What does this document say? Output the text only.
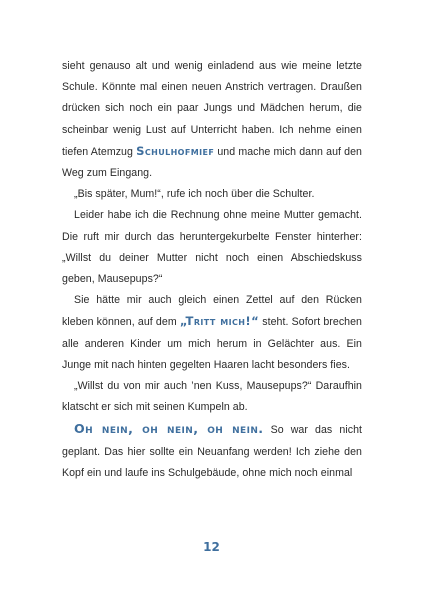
sieht genauso alt und wenig einladend aus wie meine letzte Schule. Könnte mal einen neuen Anstrich vertragen. Draußen drücken sich noch ein paar Jungs und Mädchen herum, die scheinbar wenig Lust auf Unterricht haben. Ich nehme einen tiefen Atemzug Schulhofmief und mache mich dann auf den Weg zum Eingang.

„Bis später, Mum!“, rufe ich noch über die Schulter.

Leider habe ich die Rechnung ohne meine Mutter gemacht. Die ruft mir durch das heruntergekurbelte Fenster hinterher: „Willst du deiner Mutter nicht noch einen Abschiedskuss geben, Mausepups?“

Sie hätte mir auch gleich einen Zettel auf den Rücken kleben können, auf dem „Tritt mich!“ steht. Sofort brechen alle anderen Kinder um mich herum in Gelächter aus. Ein Junge mit nach hinten gegelten Haaren lacht besonders fies.

„Willst du von mir auch ’nen Kuss, Mausepups?“ Daraufhin klatscht er sich mit seinen Kumpeln ab.

Oh nein, oh nein, oh nein. So war das nicht geplant. Das hier sollte ein Neuanfang werden! Ich ziehe den Kopf ein und laufe ins Schulgebäude, ohne mich noch einmal

12
